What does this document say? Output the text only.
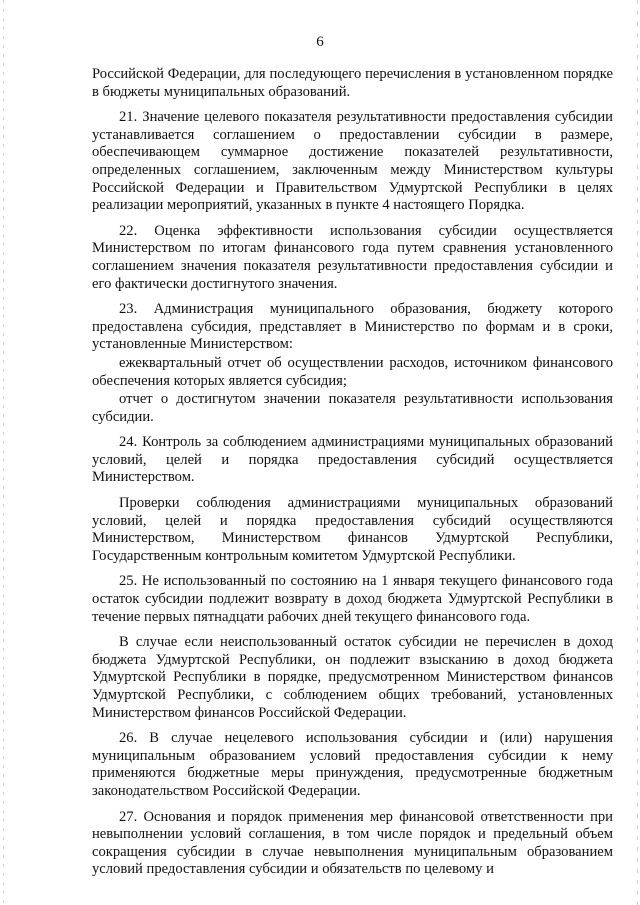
6

Российской Федерации, для последующего перечисления в установленном порядке в бюджеты муниципальных образований.

21. Значение целевого показателя результативности предоставления субсидии устанавливается соглашением о предоставлении субсидии в размере, обеспечивающем суммарное достижение показателей результативности, определенных соглашением, заключенным между Министерством культуры Российской Федерации и Правительством Удмуртской Республики в целях реализации мероприятий, указанных в пункте 4 настоящего Порядка.

22. Оценка эффективности использования субсидии осуществляется Министерством по итогам финансового года путем сравнения установленного соглашением значения показателя результативности предоставления субсидии и его фактически достигнутого значения.

23. Администрация муниципального образования, бюджету которого предоставлена субсидия, представляет в Министерство по формам и в сроки, установленные Министерством:

ежеквартальный отчет об осуществлении расходов, источником финансового обеспечения которых является субсидия;

отчет о достигнутом значении показателя результативности использования субсидии.

24. Контроль за соблюдением администрациями муниципальных образований условий, целей и порядка предоставления субсидий осуществляется Министерством.

Проверки соблюдения администрациями муниципальных образований условий, целей и порядка предоставления субсидий осуществляются Министерством, Министерством финансов Удмуртской Республики, Государственным контрольным комитетом Удмуртской Республики.

25. Не использованный по состоянию на 1 января текущего финансового года остаток субсидии подлежит возврату в доход бюджета Удмуртской Республики в течение первых пятнадцати рабочих дней текущего финансового года.

В случае если неиспользованный остаток субсидии не перечислен в доход бюджета Удмуртской Республики, он подлежит взысканию в доход бюджета Удмуртской Республики в порядке, предусмотренном Министерством финансов Удмуртской Республики, с соблюдением общих требований, установленных Министерством финансов Российской Федерации.

26. В случае нецелевого использования субсидии и (или) нарушения муниципальным образованием условий предоставления субсидии к нему применяются бюджетные меры принуждения, предусмотренные бюджетным законодательством Российской Федерации.

27. Основания и порядок применения мер финансовой ответственности при невыполнении условий соглашения, в том числе порядок и предельный объем сокращения субсидии в случае невыполнения муниципальным образованием условий предоставления субсидии и обязательств по целевому и
